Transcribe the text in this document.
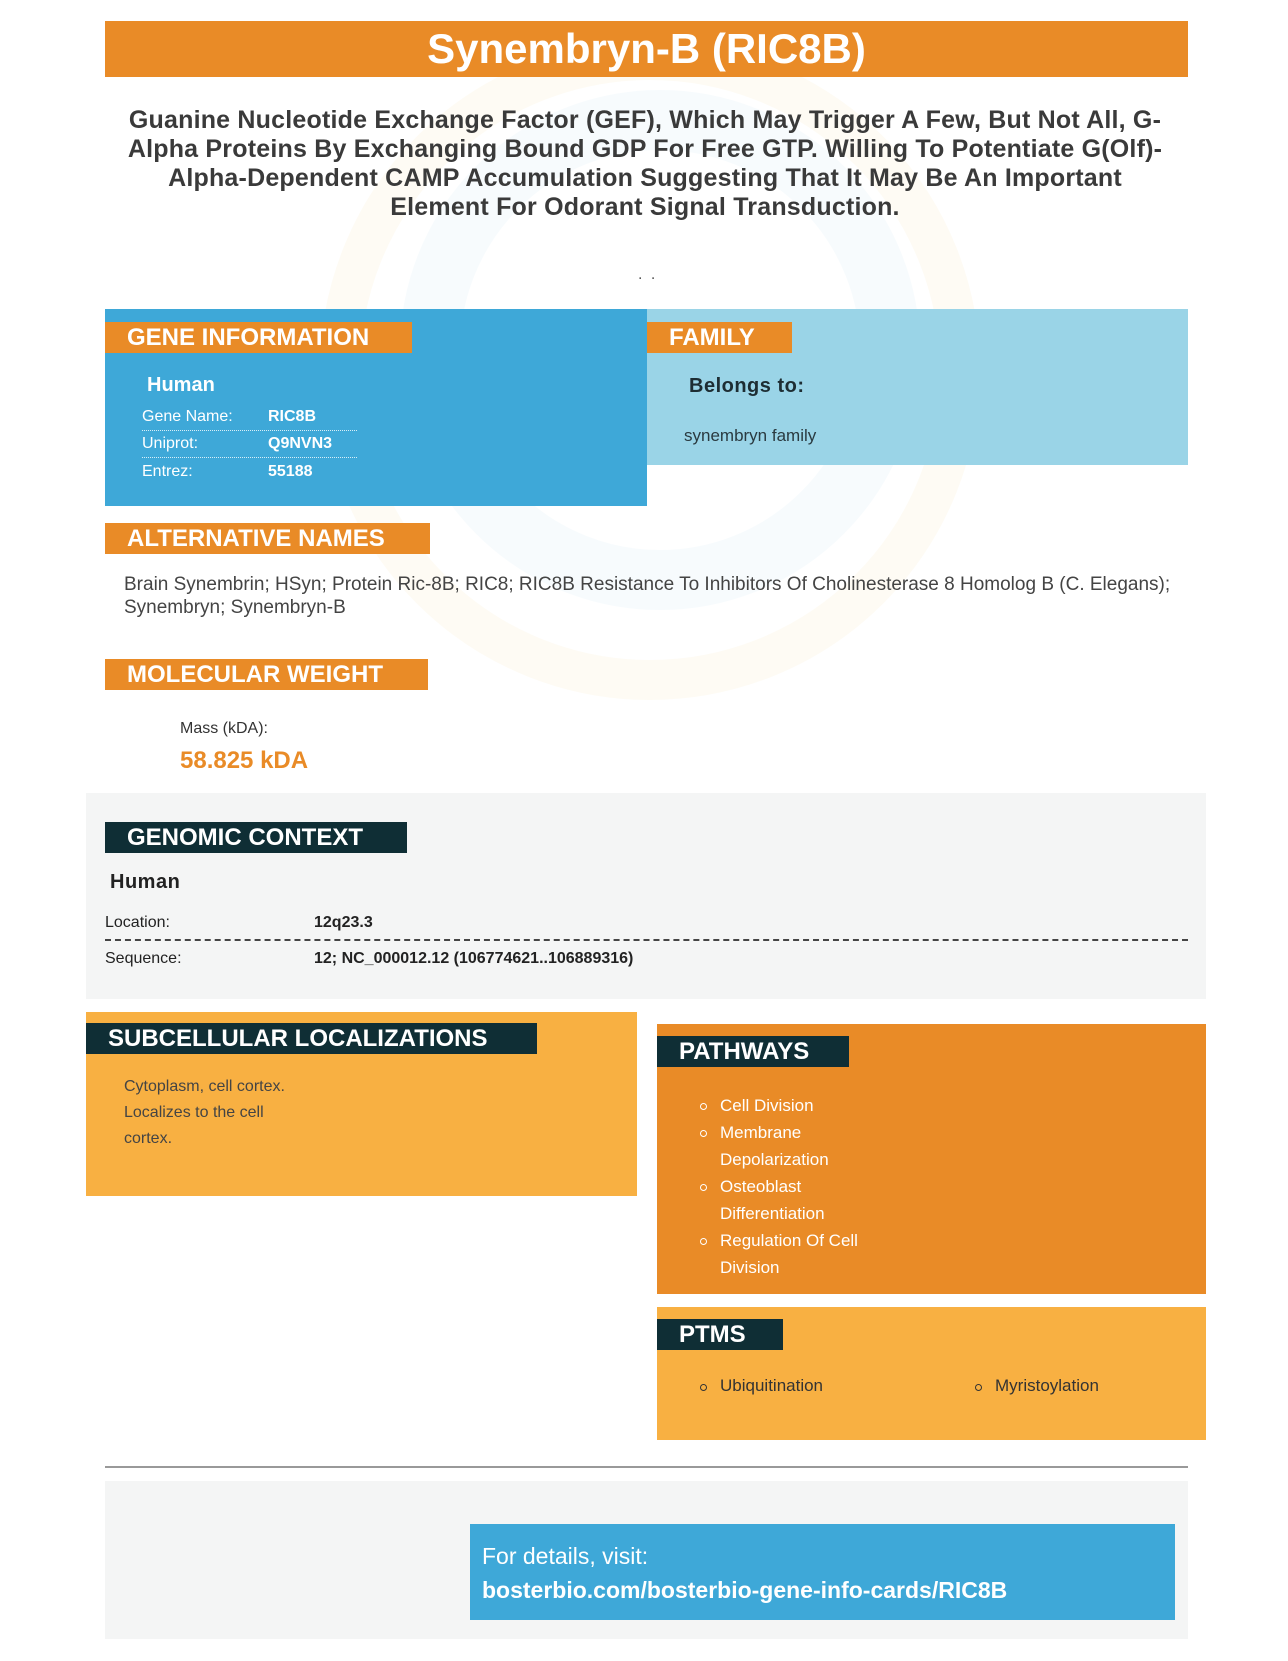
Synembryn-B (RIC8B)
Guanine Nucleotide Exchange Factor (GEF), Which May Trigger A Few, But Not All, G-Alpha Proteins By Exchanging Bound GDP For Free GTP. Willing To Potentiate G(Olf)-Alpha-Dependent CAMP Accumulation Suggesting That It May Be An Important Element For Odorant Signal Transduction.
. .
GENE INFORMATION
Human
Gene Name:	RIC8B
Uniprot:	Q9NVN3
Entrez:	55188
FAMILY
Belongs to:
synembryn family
ALTERNATIVE NAMES
Brain Synembrin; HSyn; Protein Ric-8B; RIC8; RIC8B Resistance To Inhibitors Of Cholinesterase 8 Homolog B (C. Elegans); Synembryn; Synembryn-B
MOLECULAR WEIGHT
Mass (kDA):
58.825 kDA
GENOMIC CONTEXT
Human
Location:	12q23.3
Sequence:	12; NC_000012.12 (106774621..106889316)
SUBCELLULAR LOCALIZATIONS
Cytoplasm, cell cortex. Localizes to the cell cortex.
PATHWAYS
Cell Division
Membrane Depolarization
Osteoblast Differentiation
Regulation Of Cell Division
PTMS
Ubiquitination	Myristoylation
For details, visit:
bosterbio.com/bosterbio-gene-info-cards/RIC8B
